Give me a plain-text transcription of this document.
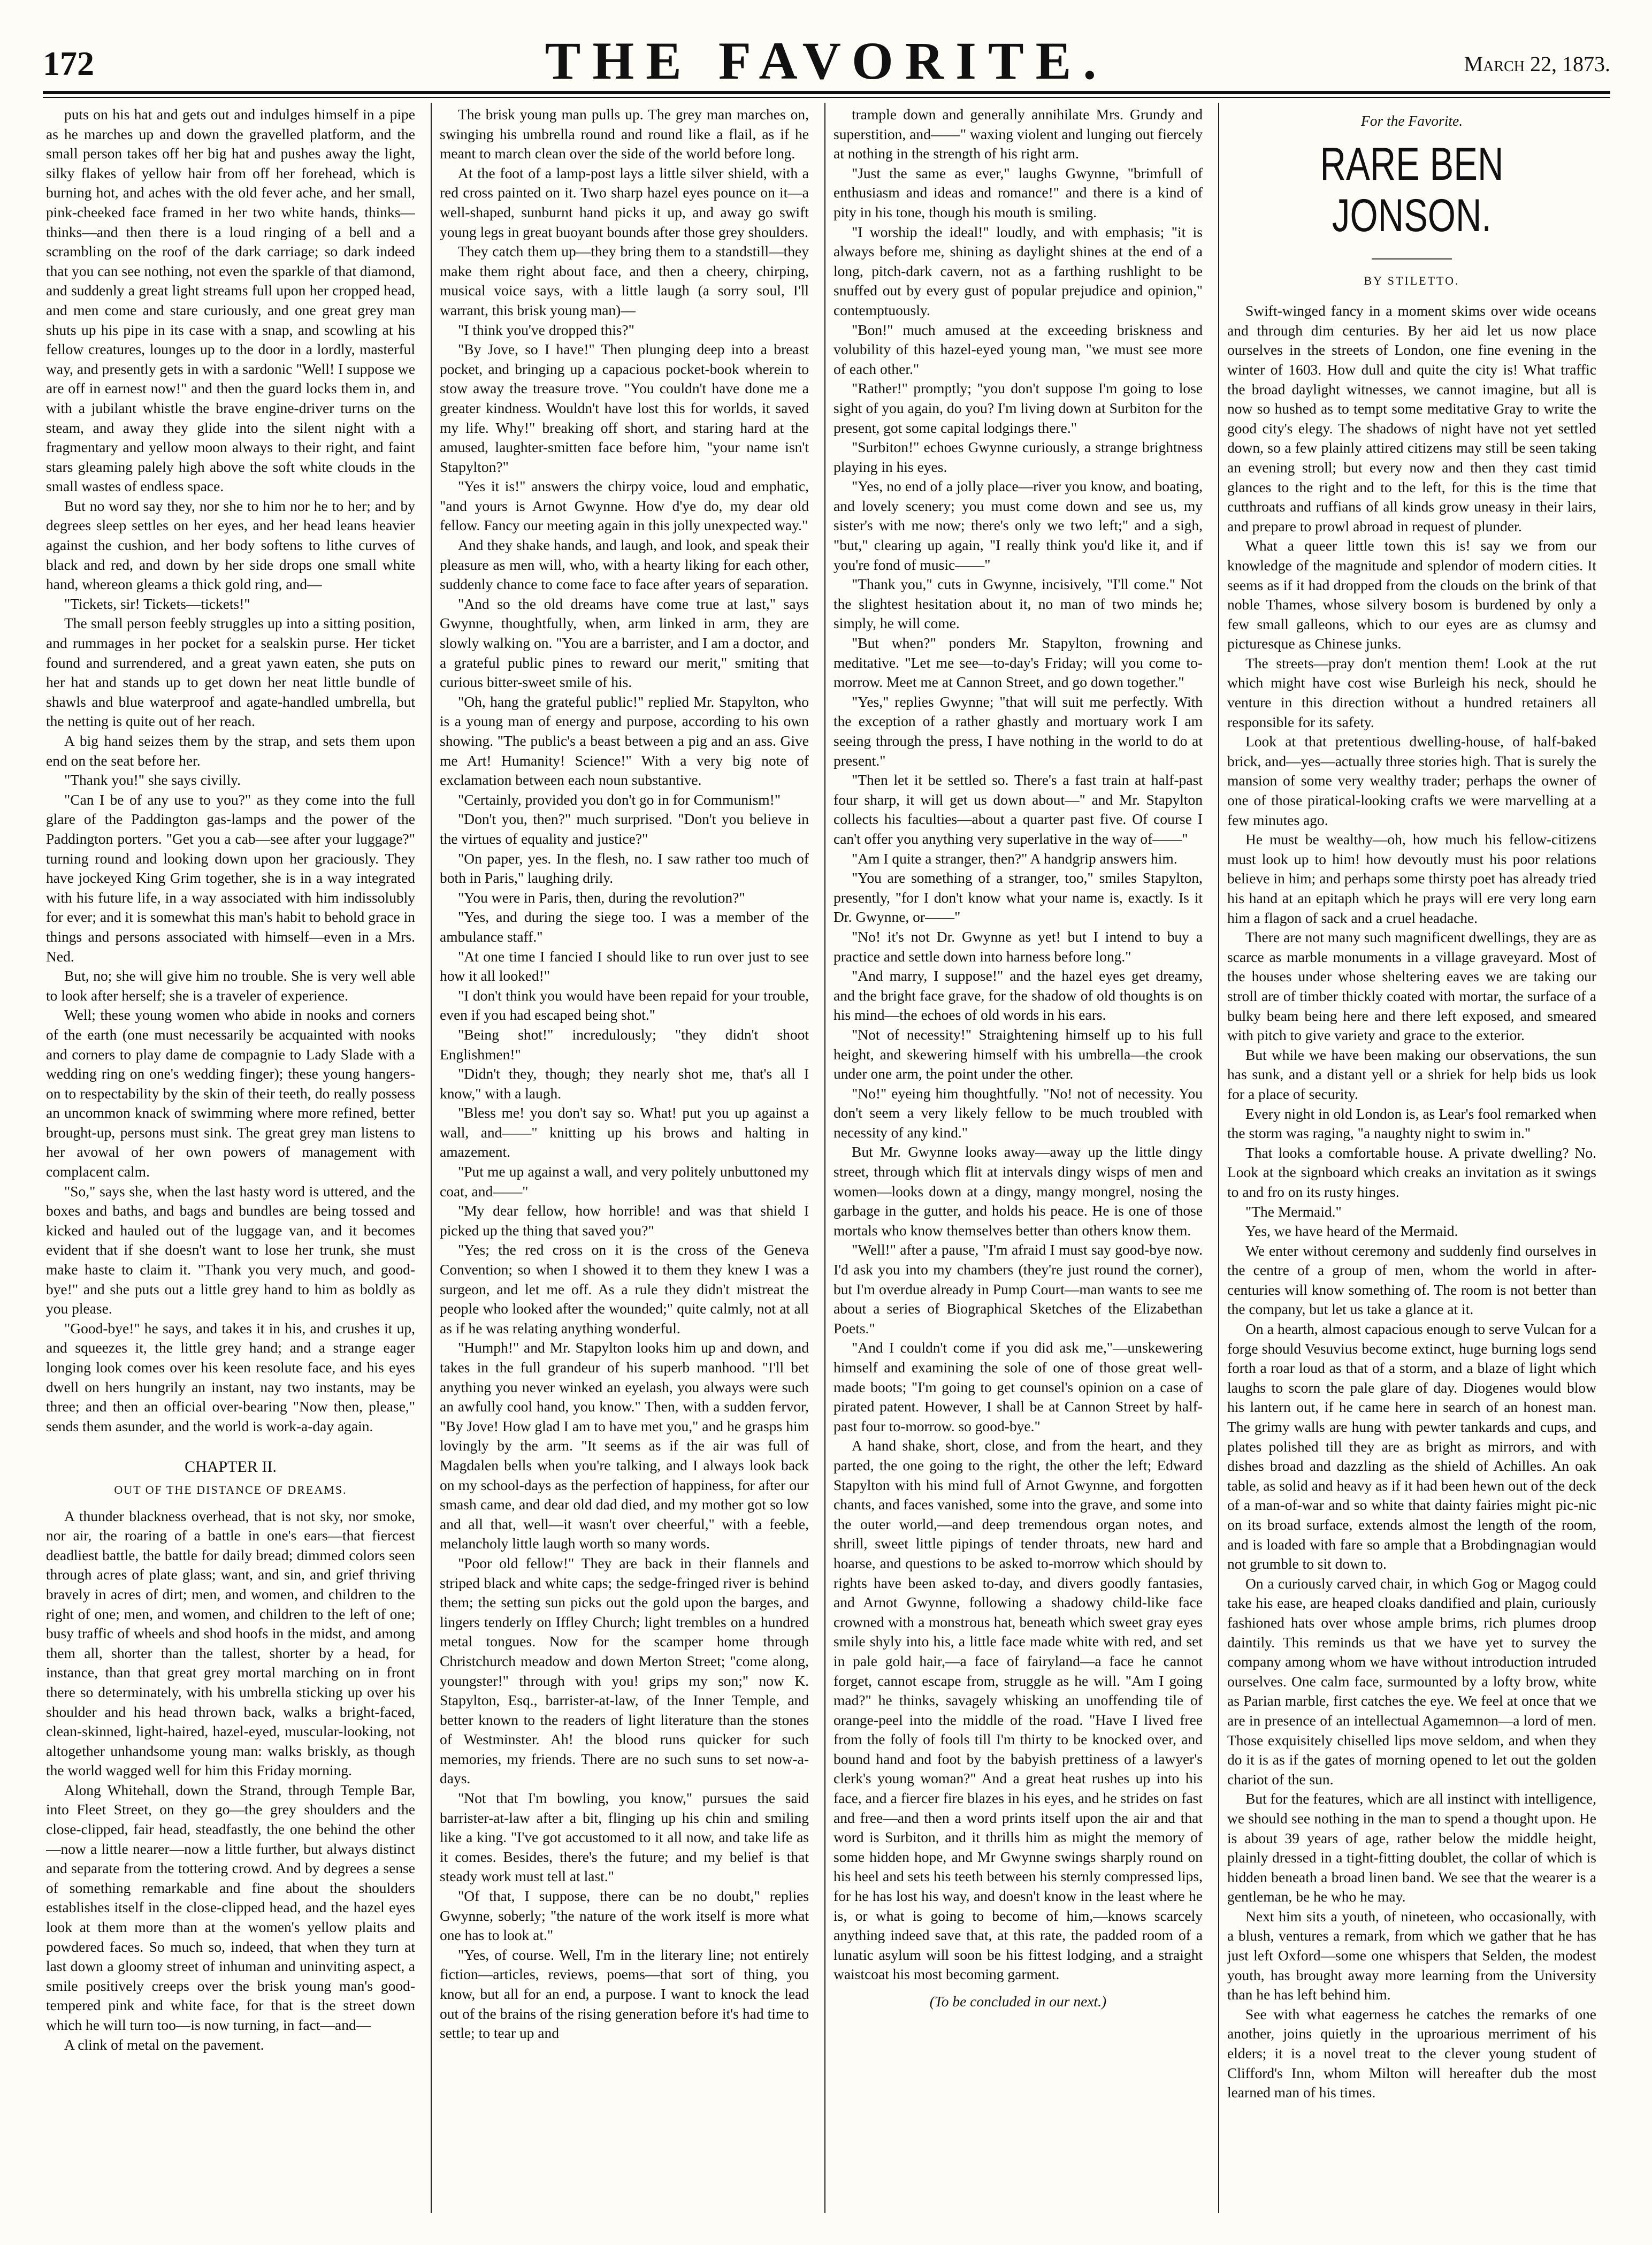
172	THE FAVORITE.	March 22, 1873.

puts on his hat and gets out and indulges himself in a pipe as he marches up and down the gravelled platform, and the small person takes off her big hat and pushes away the light, silky flakes of yellow hair from off her forehead, which is burning hot, and aches with the old fever ache, and her small, pink-cheeked face framed in her two white hands, thinks—thinks—and then there is a loud ringing of a bell and a scrambling on the roof of the dark carriage; so dark indeed that you can see nothing, not even the sparkle of that diamond, and suddenly a great light streams full upon her cropped head, and men come and stare curiously, and one great grey man shuts up his pipe in its case with a snap, and scowling at his fellow creatures, lounges up to the door in a lordly, masterful way, and presently gets in with a sardonic "Well! I suppose we are off in earnest now!" and then the guard locks them in, and with a jubilant whistle the brave engine-driver turns on the steam, and away they glide into the silent night with a fragmentary and yellow moon always to their right, and faint stars gleaming palely high above the soft white clouds in the small wastes of endless space.

But no word say they, nor she to him nor he to her; and by degrees sleep settles on her eyes, and her head leans heavier against the cushion, and her body softens to lithe curves of black and red, and down by her side drops one small white hand, whereon gleams a thick gold ring, and—

"Tickets, sir! Tickets—tickets!"

The small person feebly struggles up into a sitting position, and rummages in her pocket for a sealskin purse. Her ticket found and surrendered, and a great yawn eaten, she puts on her hat and stands up to get down her neat little bundle of shawls and blue waterproof and agate-handled umbrella, but the netting is quite out of her reach.

A big hand seizes them by the strap, and sets them upon end on the seat before her.

"Thank you!" she says civilly.

"Can I be of any use to you?" as they come into the full glare of the Paddington gas-lamps and the power of the Paddington porters. "Get you a cab—see after your luggage?" turning round and looking down upon her graciously. They have jockeyed King Grim together, she is in a way integrated with his future life, in a way associated with him indissolubly for ever; and it is somewhat this man's habit to behold grace in things and persons associated with himself—even in a Mrs. Ned.

But, no; she will give him no trouble. She is very well able to look after herself; she is a traveler of experience.

Well; these young women who abide in nooks and corners of the earth (one must necessarily be acquainted with nooks and corners to play dame de compagnie to Lady Slade with a wedding ring on one's wedding finger); these young hangers-on to respectability by the skin of their teeth, do really possess an uncommon knack of swimming where more refined, better brought-up, persons must sink. The great grey man listens to her avowal of her own powers of management with complacent calm.

"So," says she, when the last hasty word is uttered, and the boxes and baths, and bags and bundles are being tossed and kicked and hauled out of the luggage van, and it becomes evident that if she doesn't want to lose her trunk, she must make haste to claim it. "Thank you very much, and good-bye!" and she puts out a little grey hand to him as boldly as you please.

"Good-bye!" he says, and takes it in his, and crushes it up, and squeezes it, the little grey hand; and a strange eager longing look comes over his keen resolute face, and his eyes dwell on hers hungrily an instant, nay two instants, may be three; and then an official over-bearing "Now then, please," sends them asunder, and the world is work-a-day again.

CHAPTER II.
OUT OF THE DISTANCE OF DREAMS.

A thunder blackness overhead, that is not sky, nor smoke, nor air, the roaring of a battle in one's ears—that fiercest deadliest battle, the battle for daily bread; dimmed colors seen through acres of plate glass; want, and sin, and grief thriving bravely in acres of dirt; men, and women, and children to the right of one; men, and women, and children to the left of one; busy traffic of wheels and shod hoofs in the midst, and among them all, shorter than the tallest, shorter by a head, for instance, than that great grey mortal marching on in front there so determinately, with his umbrella sticking up over his shoulder and his head thrown back, walks a bright-faced, clean-skinned, light-haired, hazel-eyed, muscular-looking, not altogether unhandsome young man: walks briskly, as though the world wagged well for him this Friday morning.

Along Whitehall, down the Strand, through Temple Bar, into Fleet Street, on they go—the grey shoulders and the close-clipped, fair head, steadfastly, the one behind the other—now a little nearer—now a little further, but always distinct and separate from the tottering crowd. And by degrees a sense of something remarkable and fine about the shoulders establishes itself in the close-clipped head, and the hazel eyes look at them more than at the women's yellow plaits and powdered faces. So much so, indeed, that when they turn at last down a gloomy street of inhuman and uninviting aspect, a smile positively creeps over the brisk young man's good-tempered pink and white face, for that is the street down which he will turn too—is now turning, in fact—and—

A clink of metal on the pavement.

The brisk young man pulls up. The grey man marches on, swinging his umbrella round and round like a flail, as if he meant to march clean over the side of the world before long.

At the foot of a lamp-post lays a little silver shield, with a red cross painted on it. Two sharp hazel eyes pounce on it—a well-shaped, sunburnt hand picks it up, and away go swift young legs in great buoyant bounds after those grey shoulders.

They catch them up—they bring them to a standstill—they make them right about face, and then a cheery, chirping, musical voice says, with a little laugh (a sorry soul, I'll warrant, this brisk young man)—

"I think you've dropped this?"

"By Jove, so I have!" Then plunging deep into a breast pocket, and bringing up a capacious pocket-book wherein to stow away the treasure trove. "You couldn't have done me a greater kindness. Wouldn't have lost this for worlds, it saved my life. Why!" breaking off short, and staring hard at the amused, laughter-smitten face before him, "your name isn't Stapylton?"

"Yes it is!" answers the chirpy voice, loud and emphatic, "and yours is Arnot Gwynne. How d'ye do, my dear old fellow. Fancy our meeting again in this jolly unexpected way."

And they shake hands, and laugh, and look, and speak their pleasure as men will, who, with a hearty liking for each other, suddenly chance to come face to face after years of separation.

"And so the old dreams have come true at last," says Gwynne, thoughtfully, when, arm linked in arm, they are slowly walking on. "You are a barrister, and I am a doctor, and a grateful public pines to reward our merit," smiting that curious bitter-sweet smile of his.

"Oh, hang the grateful public!" replied Mr. Stapylton, who is a young man of energy and purpose, according to his own showing. "The public's a beast between a pig and an ass. Give me Art! Humanity! Science!" With a very big note of exclamation between each noun substantive.

"Certainly, provided you don't go in for Communism!"

"Don't you, then?" much surprised. "Don't you believe in the virtues of equality and justice?"

"On paper, yes. In the flesh, no. I saw rather too much of both in Paris," laughing drily.

"You were in Paris, then, during the revolution?"

"Yes, and during the siege too. I was a member of the ambulance staff."

"At one time I fancied I should like to run over just to see how it all looked!"

"I don't think you would have been repaid for your trouble, even if you had escaped being shot."

"Being shot!" incredulously; "they didn't shoot Englishmen!"

"Didn't they, though; they nearly shot me, that's all I know," with a laugh.

"Bless me! you don't say so. What! put you up against a wall, and——" knitting up his brows and halting in amazement.

"Put me up against a wall, and very politely unbuttoned my coat, and——"

"My dear fellow, how horrible! and was that shield I picked up the thing that saved you?"

"Yes; the red cross on it is the cross of the Geneva Convention; so when I showed it to them they knew I was a surgeon, and let me off. As a rule they didn't mistreat the people who looked after the wounded;" quite calmly, not at all as if he was relating anything wonderful.

"Humph!" and Mr. Stapylton looks him up and down, and takes in the full grandeur of his superb manhood. "I'll bet anything you never winked an eyelash, you always were such an awfully cool hand, you know." Then, with a sudden fervor, "By Jove! How glad I am to have met you," and he grasps him lovingly by the arm. "It seems as if the air was full of Magdalen bells when you're talking, and I always look back on my school-days as the perfection of happiness, for after our smash came, and dear old dad died, and my mother got so low and all that, well—it wasn't over cheerful," with a feeble, melancholy little laugh worth so many words.

"Poor old fellow!" They are back in their flannels and striped black and white caps; the sedge-fringed river is behind them; the setting sun picks out the gold upon the barges, and lingers tenderly on Iffley Church; light trembles on a hundred metal tongues. Now for the scamper home through Christchurch meadow and down Merton Street; "come along, youngster!" through with you! grips my son;" now K. Stapylton, Esq., barrister-at-law, of the Inner Temple, and better known to the readers of light literature than the stones of Westminster. Ah! the blood runs quicker for such memories, my friends. There are no such suns to set now-a-days.

"Not that I'm bowling, you know," pursues the said barrister-at-law after a bit, flinging up his chin and smiling like a king. "I've got accustomed to it all now, and take life as it comes. Besides, there's the future; and my belief is that steady work must tell at last."

"Of that, I suppose, there can be no doubt," replies Gwynne, soberly; "the nature of the work itself is more what one has to look at."

"Yes, of course. Well, I'm in the literary line; not entirely fiction—articles, reviews, poems—that sort of thing, you know, but all for an end, a purpose. I want to knock the lead out of the brains of the rising generation before it's had time to settle; to tear up and

trample down and generally annihilate Mrs. Grundy and superstition, and——" waxing violent and lunging out fiercely at nothing in the strength of his right arm.

"Just the same as ever," laughs Gwynne, "brimfull of enthusiasm and ideas and romance!" and there is a kind of pity in his tone, though his mouth is smiling.

"I worship the ideal!" loudly, and with emphasis; "it is always before me, shining as daylight shines at the end of a long, pitch-dark cavern, not as a farthing rushlight to be snuffed out by every gust of popular prejudice and opinion," contemptuously.

"Bon!" much amused at the exceeding briskness and volubility of this hazel-eyed young man, "we must see more of each other."

"Rather!" promptly; "you don't suppose I'm going to lose sight of you again, do you? I'm living down at Surbiton for the present, got some capital lodgings there."

"Surbiton!" echoes Gwynne curiously, a strange brightness playing in his eyes.

"Yes, no end of a jolly place—river you know, and boating, and lovely scenery; you must come down and see us, my sister's with me now; there's only we two left;" and a sigh, "but," clearing up again, "I really think you'd like it, and if you're fond of music——"

"Thank you," cuts in Gwynne, incisively, "I'll come." Not the slightest hesitation about it, no man of two minds he; simply, he will come.

"But when?" ponders Mr. Stapylton, frowning and meditative. "Let me see—to-day's Friday; will you come to-morrow. Meet me at Cannon Street, and go down together."

"Yes," replies Gwynne; "that will suit me perfectly. With the exception of a rather ghastly and mortuary work I am seeing through the press, I have nothing in the world to do at present."

"Then let it be settled so. There's a fast train at half-past four sharp, it will get us down about—" and Mr. Stapylton collects his faculties—about a quarter past five. Of course I can't offer you anything very superlative in the way of——"

"Am I quite a stranger, then?" A handgrip answers him.

"You are something of a stranger, too," smiles Stapylton, presently, "for I don't know what your name is, exactly. Is it Dr. Gwynne, or——"

"No! it's not Dr. Gwynne as yet! but I intend to buy a practice and settle down into harness before long."

"And marry, I suppose!" and the hazel eyes get dreamy, and the bright face grave, for the shadow of old thoughts is on his mind—the echoes of old words in his ears.

"Not of necessity!" Straightening himself up to his full height, and skewering himself with his umbrella—the crook under one arm, the point under the other.

"No!" eyeing him thoughtfully. "No! not of necessity. You don't seem a very likely fellow to be much troubled with necessity of any kind."

But Mr. Gwynne looks away—away up the little dingy street, through which flit at intervals dingy wisps of men and women—looks down at a dingy, mangy mongrel, nosing the garbage in the gutter, and holds his peace. He is one of those mortals who know themselves better than others know them.

"Well!" after a pause, "I'm afraid I must say good-bye now. I'd ask you into my chambers (they're just round the corner), but I'm overdue already in Pump Court—man wants to see me about a series of Biographical Sketches of the Elizabethan Poets."

"And I couldn't come if you did ask me,"—unskewering himself and examining the sole of one of those great well-made boots; "I'm going to get counsel's opinion on a case of pirated patent. However, I shall be at Cannon Street by half-past four to-morrow. so good-bye."

A hand shake, short, close, and from the heart, and they parted, the one going to the right, the other the left; Edward Stapylton with his mind full of Arnot Gwynne, and forgotten chants, and faces vanished, some into the grave, and some into the outer world,—and deep tremendous organ notes, and shrill, sweet little pipings of tender throats, new hard and hoarse, and questions to be asked to-morrow which should by rights have been asked to-day, and divers goodly fantasies, and Arnot Gwynne, following a shadowy child-like face crowned with a monstrous hat, beneath which sweet gray eyes smile shyly into his, a little face made white with red, and set in pale gold hair,—a face of fairyland—a face he cannot forget, cannot escape from, struggle as he will. "Am I going mad?" he thinks, savagely whisking an unoffending tile of orange-peel into the middle of the road. "Have I lived free from the folly of fools till I'm thirty to be knocked over, and bound hand and foot by the babyish prettiness of a lawyer's clerk's young woman?" And a great heat rushes up into his face, and a fiercer fire blazes in his eyes, and he strides on fast and free—and then a word prints itself upon the air and that word is Surbiton, and it thrills him as might the memory of some hidden hope, and Mr Gwynne swings sharply round on his heel and sets his teeth between his sternly compressed lips, for he has lost his way, and doesn't know in the least where he is, or what is going to become of him,—knows scarcely anything indeed save that, at this rate, the padded room of a lunatic asylum will soon be his fittest lodging, and a straight waistcoat his most becoming garment.

(To be concluded in our next.)
For the Favorite.
RARE BEN JONSON.
BY STILETTO.

Swift-winged fancy in a moment skims over wide oceans and through dim centuries. By her aid let us now place ourselves in the streets of London, one fine evening in the winter of 1603. How dull and quite the city is! What traffic the broad daylight witnesses, we cannot imagine, but all is now so hushed as to tempt some meditative Gray to write the good city's elegy. The shadows of night have not yet settled down, so a few plainly attired citizens may still be seen taking an evening stroll; but every now and then they cast timid glances to the right and to the left, for this is the time that cutthroats and ruffians of all kinds grow uneasy in their lairs, and prepare to prowl abroad in request of plunder.

What a queer little town this is! say we from our knowledge of the magnitude and splendor of modern cities. It seems as if it had dropped from the clouds on the brink of that noble Thames, whose silvery bosom is burdened by only a few small galleons, which to our eyes are as clumsy and picturesque as Chinese junks.

The streets—pray don't mention them! Look at the rut which might have cost wise Burleigh his neck, should he venture in this direction without a hundred retainers all responsible for its safety.

Look at that pretentious dwelling-house, of half-baked brick, and—yes—actually three stories high. That is surely the mansion of some very wealthy trader; perhaps the owner of one of those piratical-looking crafts we were marvelling at a few minutes ago.

He must be wealthy—oh, how much his fellow-citizens must look up to him! how devoutly must his poor relations believe in him; and perhaps some thirsty poet has already tried his hand at an epitaph which he prays will ere very long earn him a flagon of sack and a cruel headache.

There are not many such magnificent dwellings, they are as scarce as marble monuments in a village graveyard. Most of the houses under whose sheltering eaves we are taking our stroll are of timber thickly coated with mortar, the surface of a bulky beam being here and there left exposed, and smeared with pitch to give variety and grace to the exterior.

But while we have been making our observations, the sun has sunk, and a distant yell or a shriek for help bids us look for a place of security.

Every night in old London is, as Lear's fool remarked when the storm was raging, "a naughty night to swim in."

That looks a comfortable house. A private dwelling? No. Look at the signboard which creaks an invitation as it swings to and fro on its rusty hinges.

"The Mermaid."

Yes, we have heard of the Mermaid.

We enter without ceremony and suddenly find ourselves in the centre of a group of men, whom the world in after-centuries will know something of. The room is not better than the company, but let us take a glance at it.

On a hearth, almost capacious enough to serve Vulcan for a forge should Vesuvius become extinct, huge burning logs send forth a roar loud as that of a storm, and a blaze of light which laughs to scorn the pale glare of day. Diogenes would blow his lantern out, if he came here in search of an honest man. The grimy walls are hung with pewter tankards and cups, and plates polished till they are as bright as mirrors, and with dishes broad and dazzling as the shield of Achilles. An oak table, as solid and heavy as if it had been hewn out of the deck of a man-of-war and so white that dainty fairies might pic-nic on its broad surface, extends almost the length of the room, and is loaded with fare so ample that a Brobdingnagian would not grumble to sit down to.

On a curiously carved chair, in which Gog or Magog could take his ease, are heaped cloaks dandified and plain, curiously fashioned hats over whose ample brims, rich plumes droop daintily. This reminds us that we have yet to survey the company among whom we have without introduction intruded ourselves. One calm face, surmounted by a lofty brow, white as Parian marble, first catches the eye. We feel at once that we are in presence of an intellectual Agamemnon—a lord of men. Those exquisitely chiselled lips move seldom, and when they do it is as if the gates of morning opened to let out the golden chariot of the sun.

But for the features, which are all instinct with intelligence, we should see nothing in the man to spend a thought upon. He is about 39 years of age, rather below the middle height, plainly dressed in a tight-fitting doublet, the collar of which is hidden beneath a broad linen band. We see that the wearer is a gentleman, be he who he may.

Next him sits a youth, of nineteen, who occasionally, with a blush, ventures a remark, from which we gather that he has just left Oxford—some one whispers that Selden, the modest youth, has brought away more learning from the University than he has left behind him.

See with what eagerness he catches the remarks of one another, joins quietly in the uproarious merriment of his elders; it is a novel treat to the clever young student of Clifford's Inn, whom Milton will hereafter dub the most learned man of his times.
